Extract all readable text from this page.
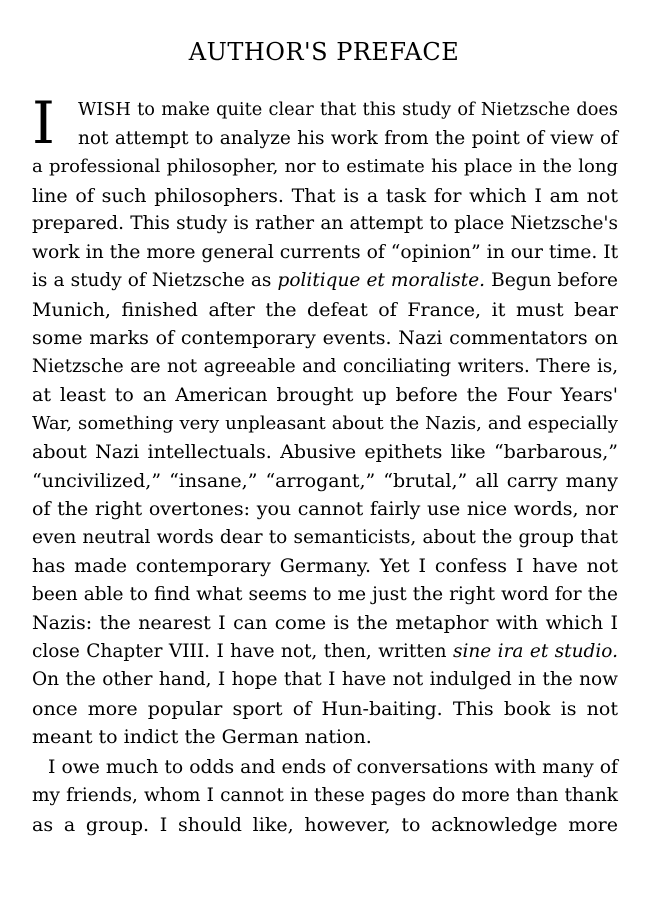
AUTHOR'S PREFACE
I	WISH to make quite clear that this study of Nietzsche does
not attempt to analyze his work from the point of view of
a professional philosopher, nor to estimate his place in the long
line of such philosophers. That is a task for which I am not
prepared. This study is rather an attempt to place Nietzsche's
work in the more general currents of “opinion” in our time. It
is a study of Nietzsche as politique et moraliste. Begun before
Munich, finished after the defeat of France, it must bear
some marks of contemporary events. Nazi commentators on
Nietzsche are not agreeable and conciliating writers. There is,
at least to an American brought up before the Four Years'
War, something very unpleasant about the Nazis, and especially
about Nazi intellectuals. Abusive epithets like “barbarous,”
“uncivilized,” “insane,” “arrogant,” “brutal,” all carry many
of the right overtones: you cannot fairly use nice words, nor
even neutral words dear to semanticists, about the group that
has made contemporary Germany. Yet I confess I have not
been able to find what seems to me just the right word for the
Nazis: the nearest I can come is the metaphor with which I
close Chapter VIII. I have not, then, written sine ira et studio.
On the other hand, I hope that I have not indulged in the now
once more popular sport of Hun-baiting. This book is not
meant to indict the German nation.
I owe much to odds and ends of conversations with many of
my friends, whom I cannot in these pages do more than thank
as a group. I should like, however, to acknowledge more
